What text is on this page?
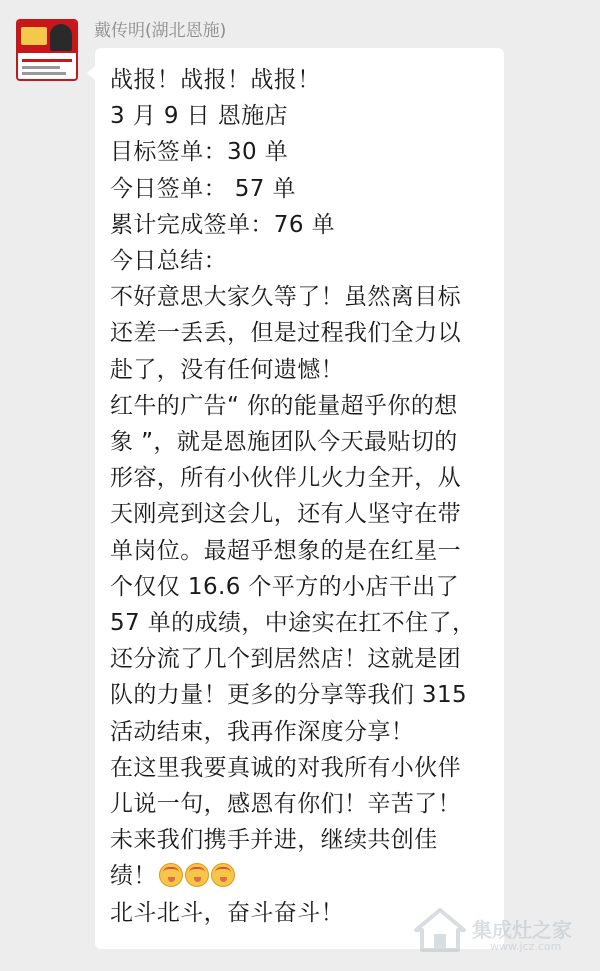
戴传明(湖北恩施)
战报！战报！战报！
3 月 9 日 恩施店
目标签单：30 单
今日签单： 57 单
累计完成签单：76 单
今日总结：
不好意思大家久等了！虽然离目标
还差一丢丢，但是过程我们全力以
赴了，没有任何遗憾！
红牛的广告“ 你的能量超乎你的想
象 ”，就是恩施团队今天最贴切的
形容，所有小伙伴儿火力全开，从
天刚亮到这会儿，还有人坚守在带
单岗位。最超乎想象的是在红星一
个仅仅 16.6 个平方的小店干出了
57 单的成绩，中途实在扛不住了，
还分流了几个到居然店！这就是团
队的力量！更多的分享等我们 315
活动结束，我再作深度分享！
在这里我要真诚的对我所有小伙伴
儿说一句，感恩有你们！辛苦了！
未来我们携手并进，继续共创佳
绩！
北斗北斗，奋斗奋斗！
集成灶之家
www.jcz.com
